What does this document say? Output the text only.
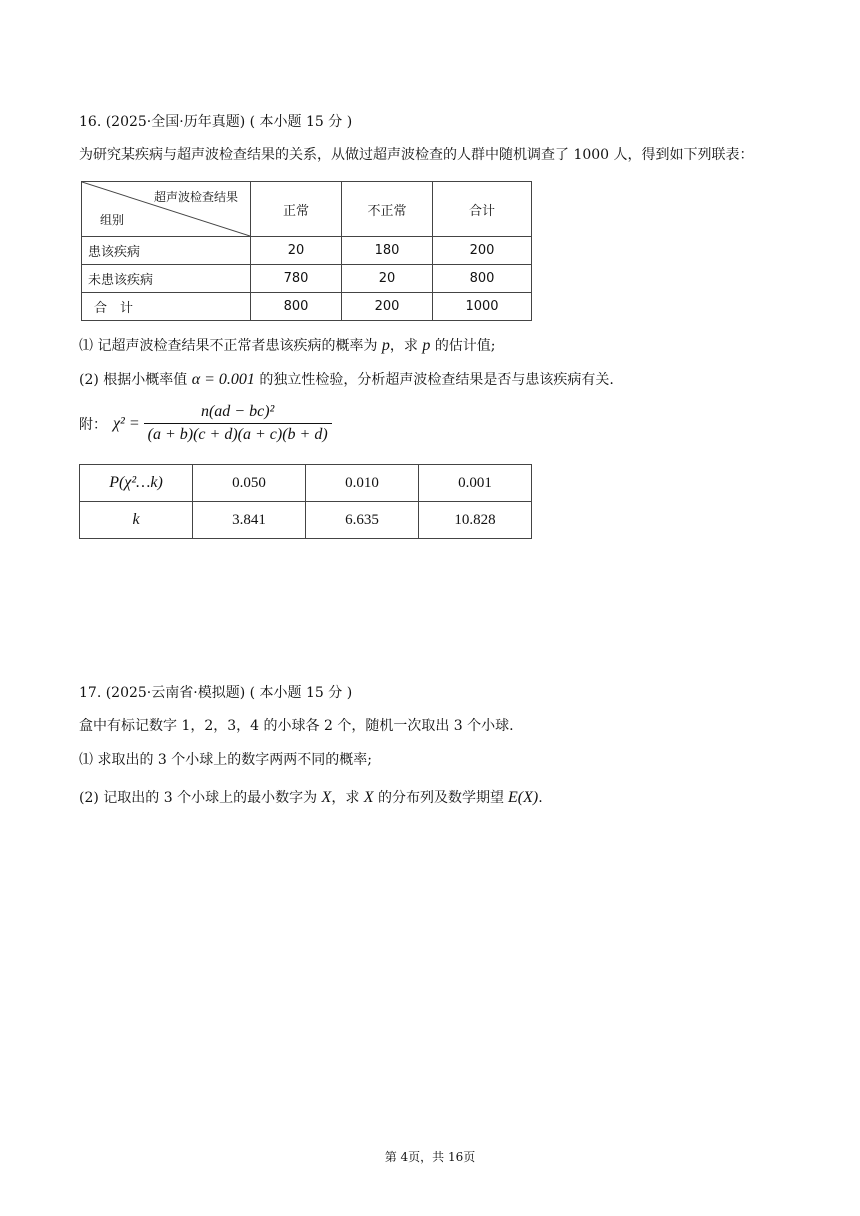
16. (2025·全国·历年真题) ( 本小题 15 分 )
为研究某疾病与超声波检查结果的关系，从做过超声波检查的人群中随机调查了 1000 人，得到如下列联表：
超声波检查结果
组别	正常	不正常	合计
患该疾病	20	180	200
未患该疾病	780	20	800
合　计	800	200	1000
⑴ 记超声波检查结果不正常者患该疾病的概率为 p，求 p 的估计值;
(2) 根据小概率值 α = 0.001 的独立性检验，分析超声波检查结果是否与患该疾病有关.
附： $\chi^2 = \frac{\text{n(ad − bc)²}}{(a + b)(c + d)(a + c)(b + d)}$
P(χ²…k)	0.050	0.010	0.001
k	3.841	6.635	10.828
17. (2025·云南省·模拟题) ( 本小题 15 分 )
盒中有标记数字 1，2，3，4 的小球各 2 个，随机一次取出 3 个小球.
⑴ 求取出的 3 个小球上的数字两两不同的概率;
(2) 记取出的 3 个小球上的最小数字为 X，求 X 的分布列及数学期望 E(X).
第 4页，共 16页
